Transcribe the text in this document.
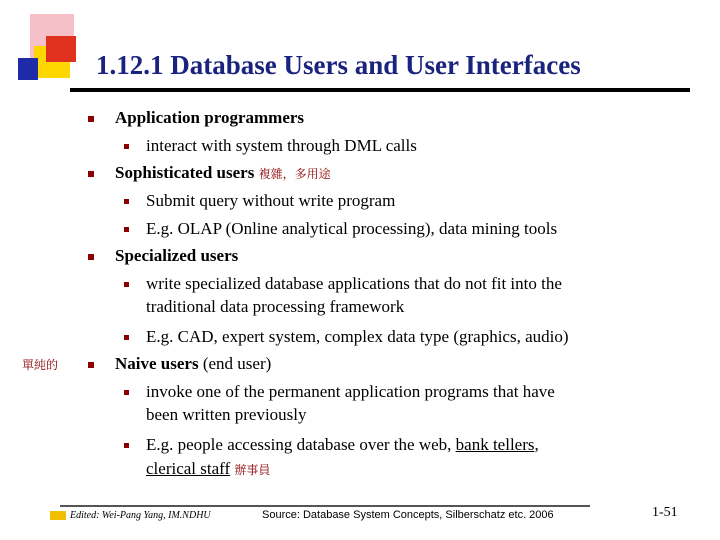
1.12.1 Database Users and User Interfaces

Application programmers

interact with system through DML calls

Sophisticated users 複雜，多用途

Submit query without write program

E.g. OLAP (Online analytical processing), data mining tools

Specialized users

write specialized database applications that do not fit into the

traditional data processing framework

E.g. CAD, expert system, complex data type (graphics, audio)

單純的	Naive users (end user)

invoke one of the permanent application programs that have

been written previously

E.g. people accessing database over the web, bank tellers,

clerical staff 辦事員

Edited: Wei-Pang Yang, IM.NDHU	Source: Database System Concepts, Silberschatz etc. 2006	1-51
